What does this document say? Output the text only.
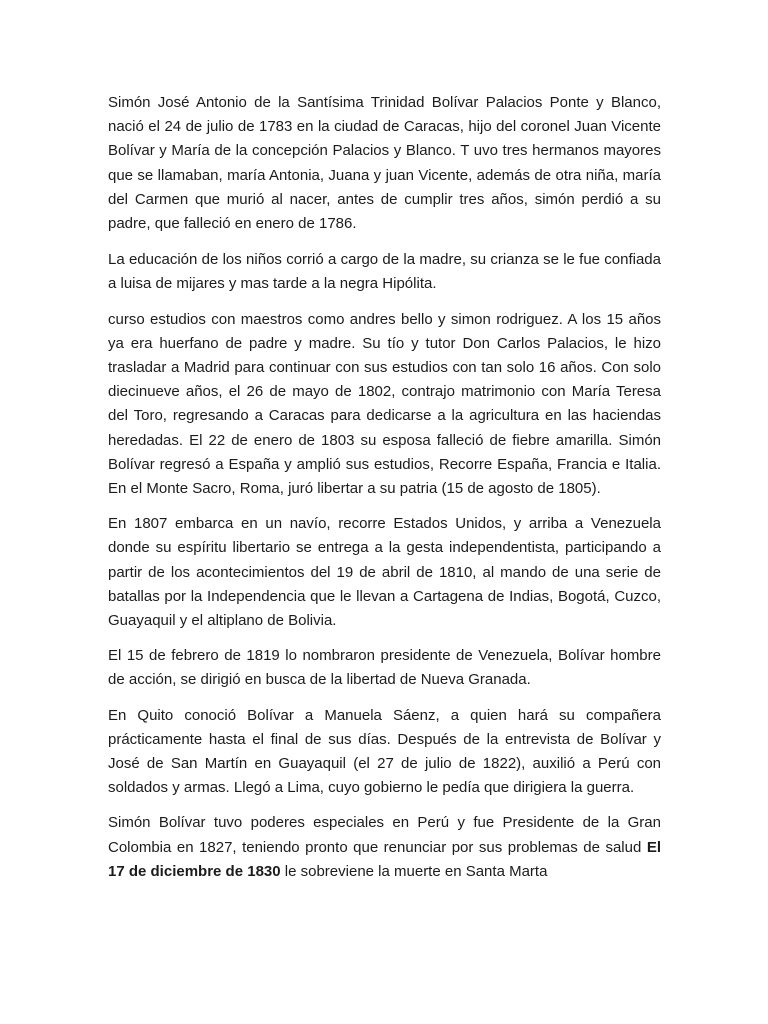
Simón José Antonio de la Santísima Trinidad Bolívar Palacios Ponte y Blanco, nació el 24 de julio de 1783 en la ciudad de Caracas, hijo del coronel Juan Vicente Bolívar y María de la concepción Palacios y Blanco. T uvo tres hermanos mayores que se llamaban, maría Antonia, Juana y juan Vicente, además de otra niña, maría del Carmen que murió al nacer, antes de cumplir tres años, simón perdió a su padre, que falleció en enero de 1786.

La educación de los niños corrió a cargo de la madre, su crianza se le fue confiada a luisa de mijares y mas tarde a la negra Hipólita.

curso estudios con maestros como andres bello y simon rodriguez. A los 15 años ya era huerfano de padre y madre. Su tío y tutor Don Carlos Palacios, le hizo trasladar a Madrid para continuar con sus estudios con tan solo 16 años. Con solo diecinueve años, el 26 de mayo de 1802, contrajo matrimonio con María Teresa del Toro, regresando a Caracas para dedicarse a la agricultura en las haciendas heredadas. El 22 de enero de 1803 su esposa falleció de fiebre amarilla. Simón Bolívar regresó a España y amplió sus estudios, Recorre España, Francia e Italia. En el Monte Sacro, Roma, juró libertar a su patria (15 de agosto de 1805).

En 1807 embarca en un navío, recorre Estados Unidos, y arriba a Venezuela donde su espíritu libertario se entrega a la gesta independentista, participando a partir de los acontecimientos del 19 de abril de 1810, al mando de una serie de batallas por la Independencia que le llevan a Cartagena de Indias, Bogotá, Cuzco, Guayaquil y el altiplano de Bolivia.

El 15 de febrero de 1819 lo nombraron presidente de Venezuela, Bolívar hombre de acción, se dirigió en busca de la libertad de Nueva Granada.

En Quito conoció Bolívar a Manuela Sáenz, a quien hará su compañera prácticamente hasta el final de sus días. Después de la entrevista de Bolívar y José de San Martín en Guayaquil (el 27 de julio de 1822), auxilió a Perú con soldados y armas. Llegó a Lima, cuyo gobierno le pedía que dirigiera la guerra.

Simón Bolívar tuvo poderes especiales en Perú y fue Presidente de la Gran Colombia en 1827, teniendo pronto que renunciar por sus problemas de salud El 17 de diciembre de 1830 le sobreviene la muerte en Santa Marta
